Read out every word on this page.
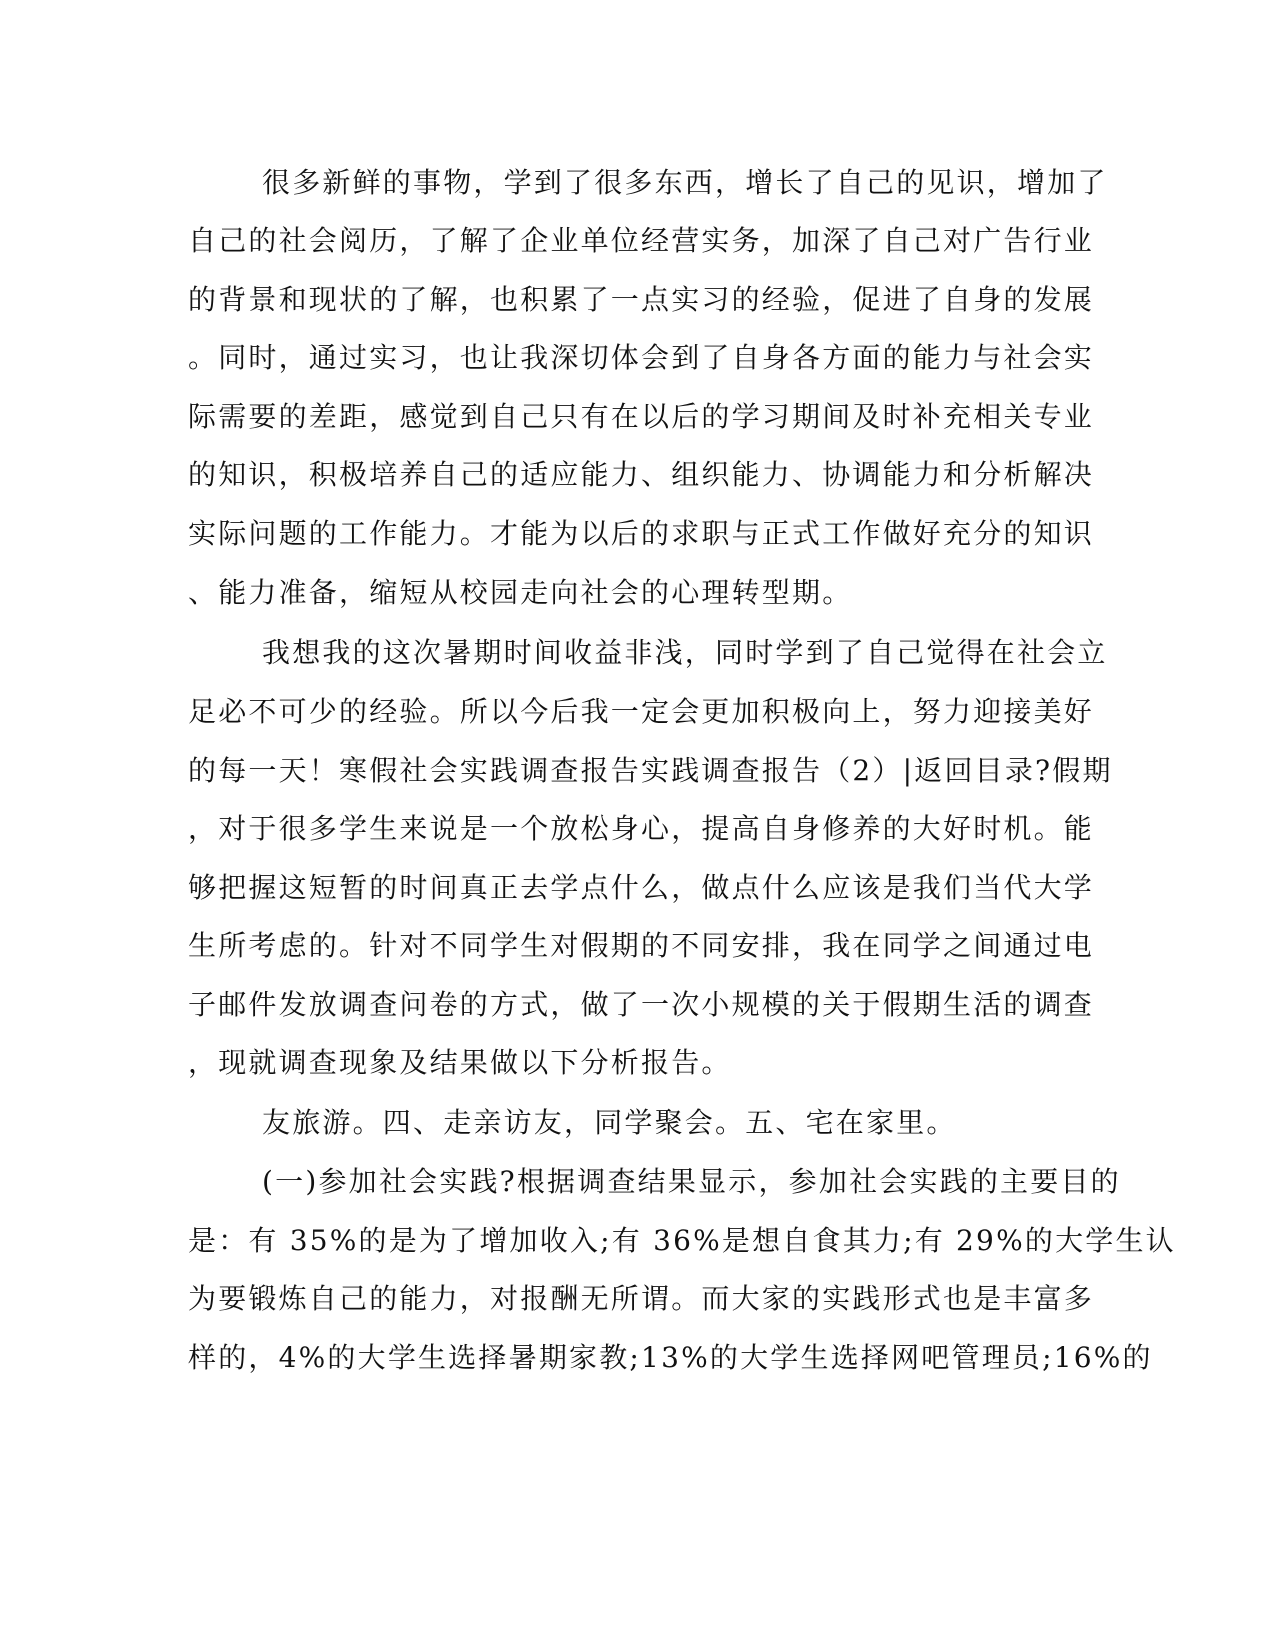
很多新鲜的事物，学到了很多东西，增长了自己的见识，增加了

自己的社会阅历，了解了企业单位经营实务，加深了自己对广告行业

的背景和现状的了解，也积累了一点实习的经验，促进了自身的发展

。同时，通过实习，也让我深切体会到了自身各方面的能力与社会实

际需要的差距，感觉到自己只有在以后的学习期间及时补充相关专业

的知识，积极培养自己的适应能力、组织能力、协调能力和分析解决

实际问题的工作能力。才能为以后的求职与正式工作做好充分的知识

、能力准备，缩短从校园走向社会的心理转型期。

我想我的这次暑期时间收益非浅，同时学到了自己觉得在社会立

足必不可少的经验。所以今后我一定会更加积极向上，努力迎接美好

的每一天！寒假社会实践调查报告实践调查报告（2）|返回目录?假期

，对于很多学生来说是一个放松身心，提高自身修养的大好时机。能

够把握这短暂的时间真正去学点什么，做点什么应该是我们当代大学

生所考虑的。针对不同学生对假期的不同安排，我在同学之间通过电

子邮件发放调查问卷的方式，做了一次小规模的关于假期生活的调查

，现就调查现象及结果做以下分析报告。

友旅游。四、走亲访友，同学聚会。五、宅在家里。

(一)参加社会实践?根据调查结果显示，参加社会实践的主要目的

是：有 35%的是为了增加收入;有 36%是想自食其力;有 29%的大学生认

为要锻炼自己的能力，对报酬无所谓。而大家的实践形式也是丰富多

样的，4%的大学生选择暑期家教;13%的大学生选择网吧管理员;16%的
